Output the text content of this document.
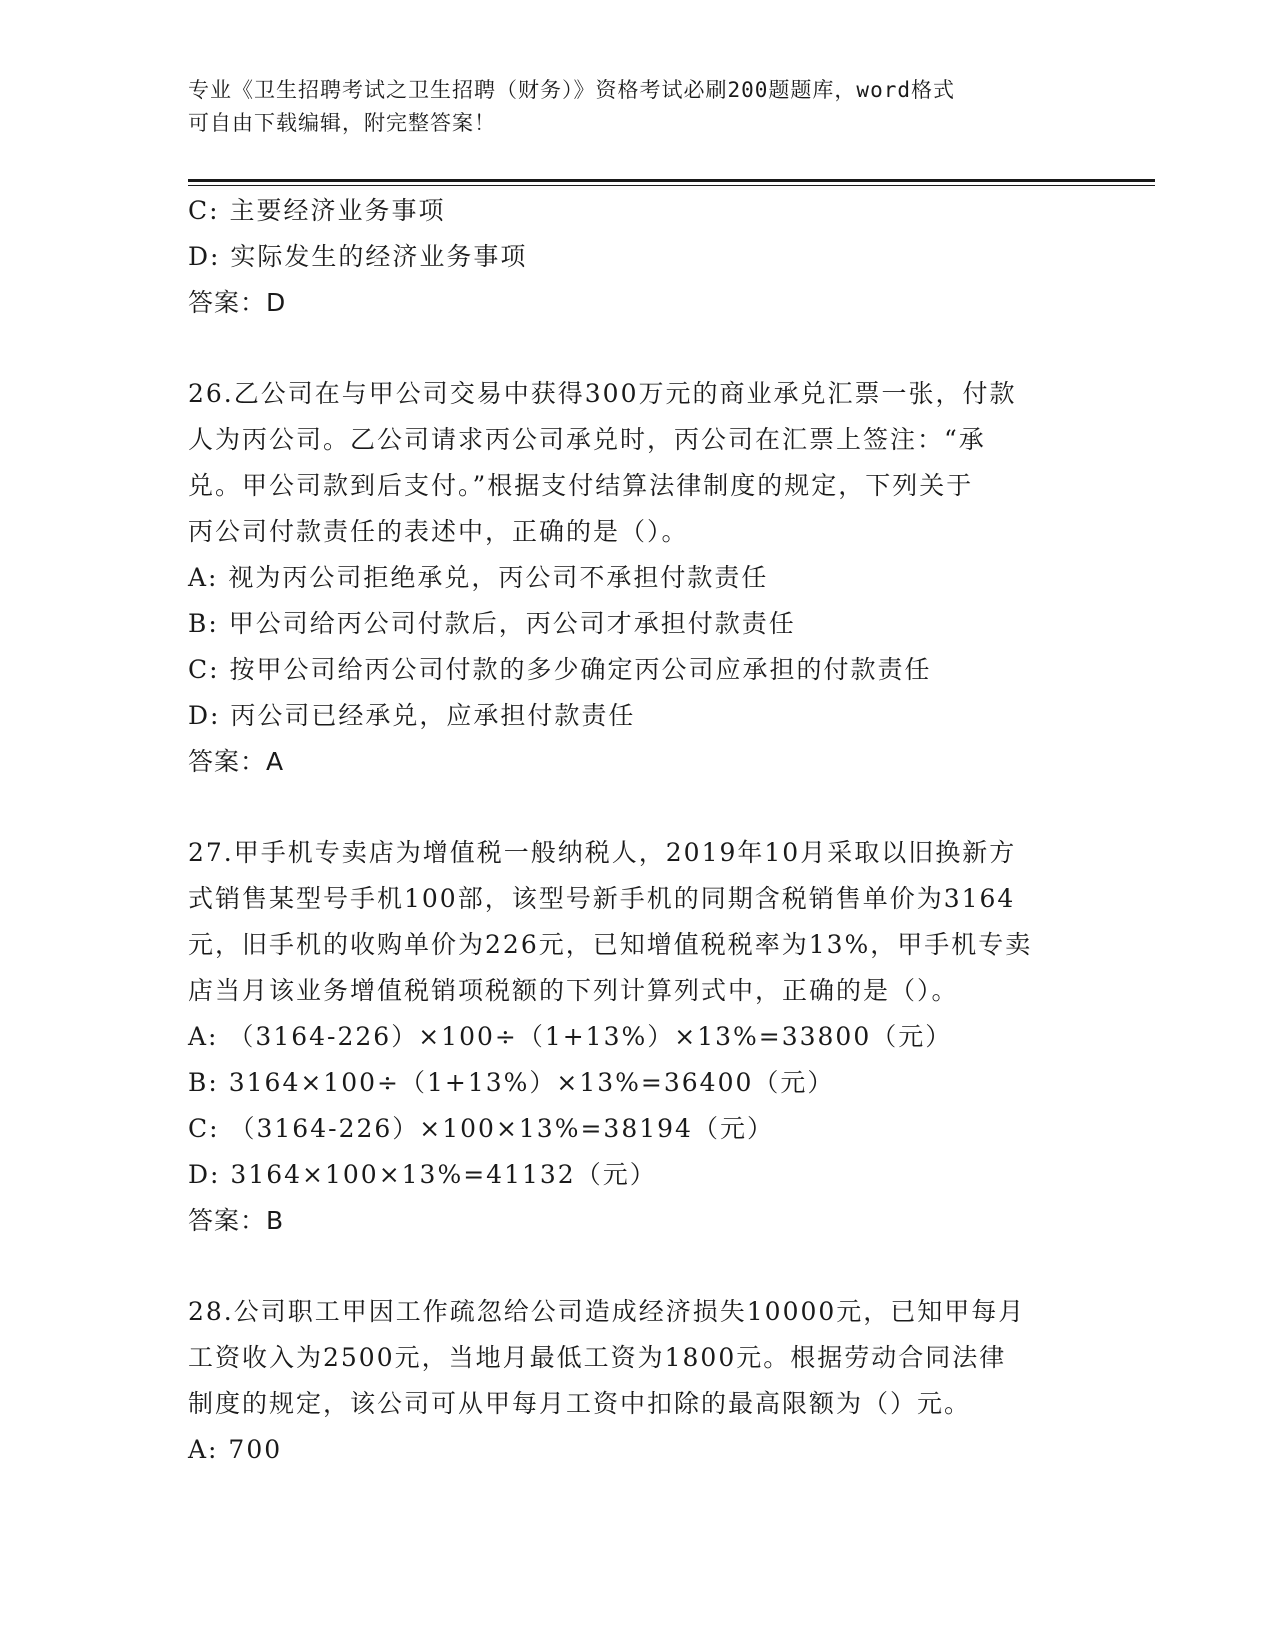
专业《卫生招聘考试之卫生招聘（财务）》资格考试必刷200题题库，word格式
可自由下载编辑，附完整答案！
C: 主要经济业务事项
D: 实际发生的经济业务事项
答案：D
26.乙公司在与甲公司交易中获得300万元的商业承兑汇票一张，付款
人为丙公司。乙公司请求丙公司承兑时，丙公司在汇票上签注：“承
兑。甲公司款到后支付。”根据支付结算法律制度的规定，下列关于
丙公司付款责任的表述中，正确的是（）。
A: 视为丙公司拒绝承兑，丙公司不承担付款责任
B: 甲公司给丙公司付款后，丙公司才承担付款责任
C: 按甲公司给丙公司付款的多少确定丙公司应承担的付款责任
D: 丙公司已经承兑，应承担付款责任
答案：A
27.甲手机专卖店为增值税一般纳税人，2019年10月采取以旧换新方
式销售某型号手机100部，该型号新手机的同期含税销售单价为3164
元，旧手机的收购单价为226元，已知增值税税率为13%，甲手机专卖
店当月该业务增值税销项税额的下列计算列式中，正确的是（）。
A: （3164-226）×100÷（1+13%）×13%=33800（元）
B: 3164×100÷（1+13%）×13%=36400（元）
C: （3164-226）×100×13%=38194（元）
D: 3164×100×13%=41132（元）
答案：B
28.公司职工甲因工作疏忽给公司造成经济损失10000元，已知甲每月
工资收入为2500元，当地月最低工资为1800元。根据劳动合同法律
制度的规定，该公司可从甲每月工资中扣除的最高限额为（）元。
A: 700
